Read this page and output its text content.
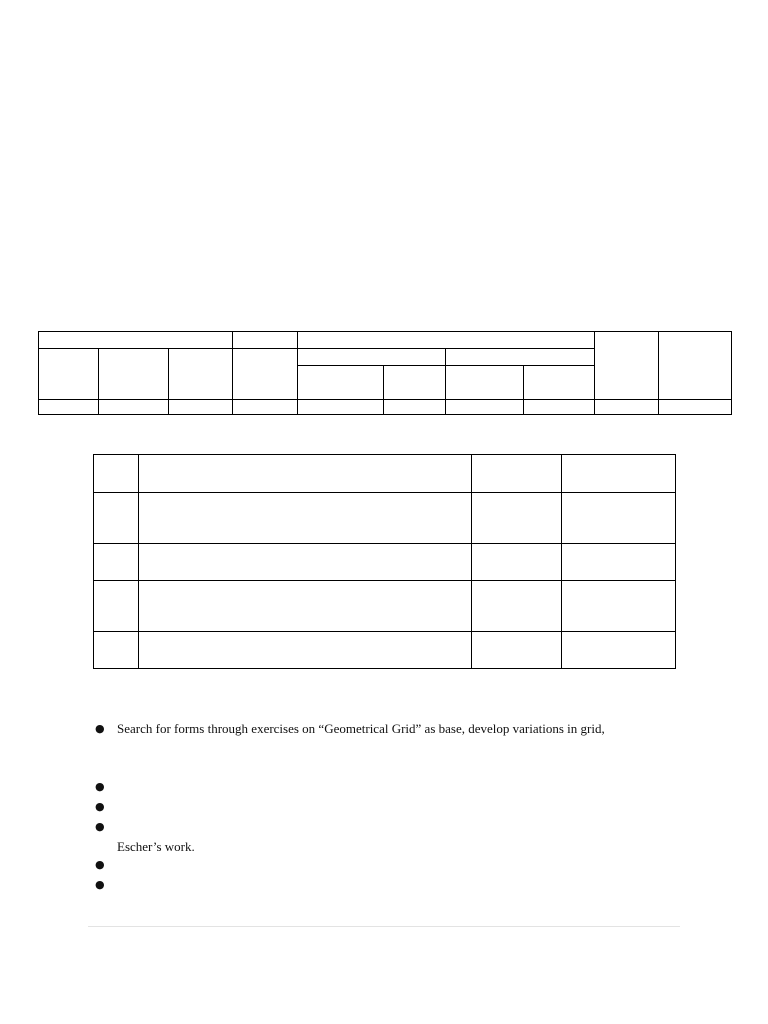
● Search for forms through exercises on “Geometrical Grid” as base, develop variations in grid,
●
●
●
●
●
Escher’s work.
